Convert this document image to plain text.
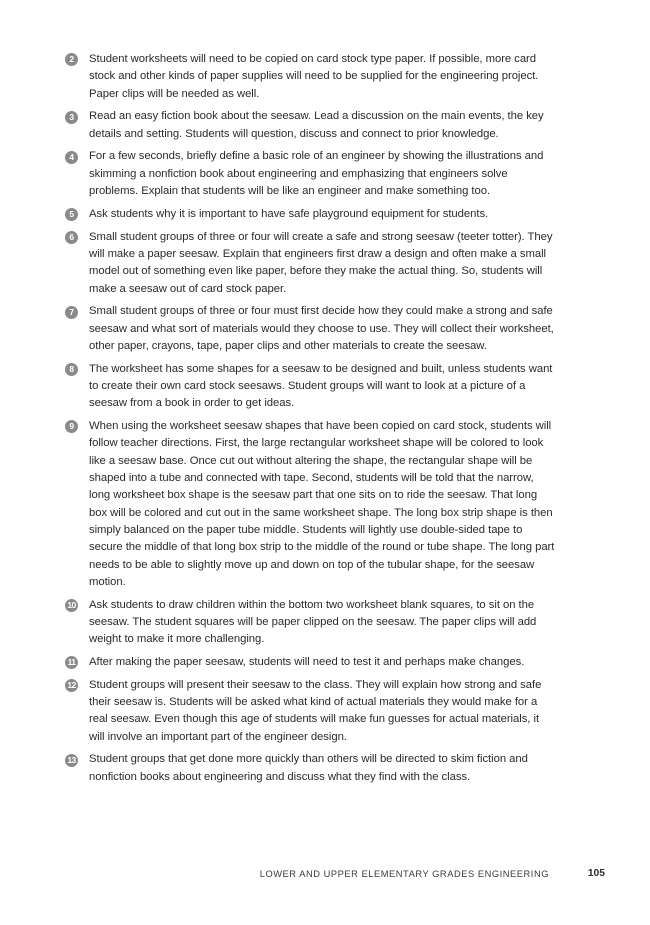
2	Student worksheets will need to be copied on card stock type paper. If possible, more card stock and other kinds of paper supplies will need to be supplied for the engineering project. Paper clips will be needed as well.
3	Read an easy fiction book about the seesaw. Lead a discussion on the main events, the key details and setting. Students will question, discuss and connect to prior knowledge.
4	For a few seconds, briefly define a basic role of an engineer by showing the illustrations and skimming a nonfiction book about engineering and emphasizing that engineers solve problems. Explain that students will be like an engineer and make something too.
5	Ask students why it is important to have safe playground equipment for students.
6	Small student groups of three or four will create a safe and strong seesaw (teeter totter). They will make a paper seesaw. Explain that engineers first draw a design and often make a small model out of something even like paper, before they make the actual thing. So, students will make a seesaw out of card stock paper.
7	Small student groups of three or four must first decide how they could make a strong and safe seesaw and what sort of materials would they choose to use. They will collect their worksheet, other paper, crayons, tape, paper clips and other materials to create the seesaw.
8	The worksheet has some shapes for a seesaw to be designed and built, unless students want to create their own card stock seesaws. Student groups will want to look at a picture of a seesaw from a book in order to get ideas.
9	When using the worksheet seesaw shapes that have been copied on card stock, students will follow teacher directions. First, the large rectangular worksheet shape will be colored to look like a seesaw base. Once cut out without altering the shape, the rectangular shape will be shaped into a tube and connected with tape. Second, students will be told that the narrow, long worksheet box shape is the seesaw part that one sits on to ride the seesaw. That long box will be colored and cut out in the same worksheet shape. The long box strip shape is then simply balanced on the paper tube middle. Students will lightly use double-sided tape to secure the middle of that long box strip to the middle of the round or tube shape. The long part needs to be able to slightly move up and down on top of the tubular shape, for the seesaw motion.
10 Ask students to draw children within the bottom two worksheet blank squares, to sit on the seesaw. The student squares will be paper clipped on the seesaw. The paper clips will add weight to make it more challenging.
11 After making the paper seesaw, students will need to test it and perhaps make changes.
12 Student groups will present their seesaw to the class. They will explain how strong and safe their seesaw is. Students will be asked what kind of actual materials they would make for a real seesaw. Even though this age of students will make fun guesses for actual materials, it will involve an important part of the engineer design.
13 Student groups that get done more quickly than others will be directed to skim fiction and nonfiction books about engineering and discuss what they find with the class.
LOWER AND UPPER ELEMENTARY GRADES ENGINEERING	105
